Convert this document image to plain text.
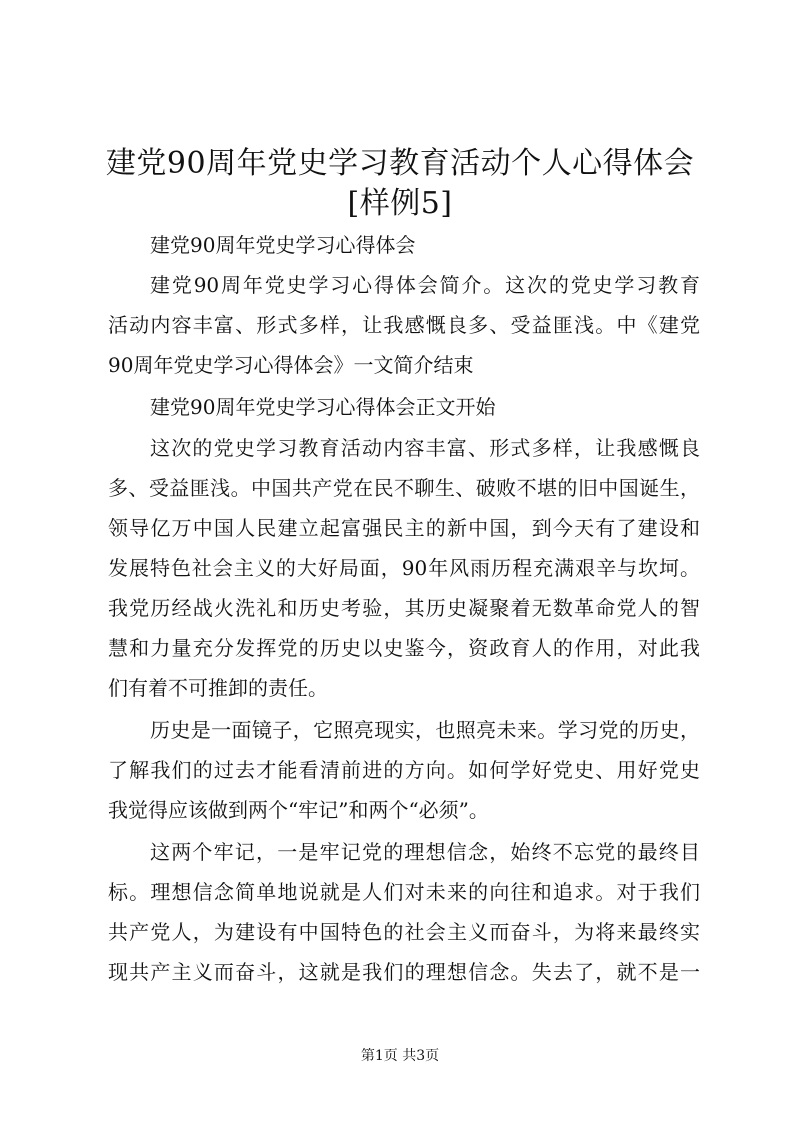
建党90周年党史学习教育活动个人心得体会
[样例5]
建党90周年党史学习心得体会
建党90周年党史学习心得体会简介。这次的党史学习教育
活动内容丰富、形式多样，让我感慨良多、受益匪浅。中《建党
90周年党史学习心得体会》一文简介结束
建党90周年党史学习心得体会正文开始
这次的党史学习教育活动内容丰富、形式多样，让我感慨良
多、受益匪浅。中国共产党在民不聊生、破败不堪的旧中国诞生，
领导亿万中国人民建立起富强民主的新中国，到今天有了建设和
发展特色社会主义的大好局面，90年风雨历程充满艰辛与坎坷。
我党历经战火洗礼和历史考验，其历史凝聚着无数革命党人的智
慧和力量充分发挥党的历史以史鉴今，资政育人的作用，对此我
们有着不可推卸的责任。
历史是一面镜子，它照亮现实，也照亮未来。学习党的历史，
了解我们的过去才能看清前进的方向。如何学好党史、用好党史
我觉得应该做到两个“牢记”和两个“必须”。
这两个牢记，一是牢记党的理想信念，始终不忘党的最终目
标。理想信念简单地说就是人们对未来的向往和追求。对于我们
共产党人，为建设有中国特色的社会主义而奋斗，为将来最终实
现共产主义而奋斗，这就是我们的理想信念。失去了，就不是一
第1页 共3页
